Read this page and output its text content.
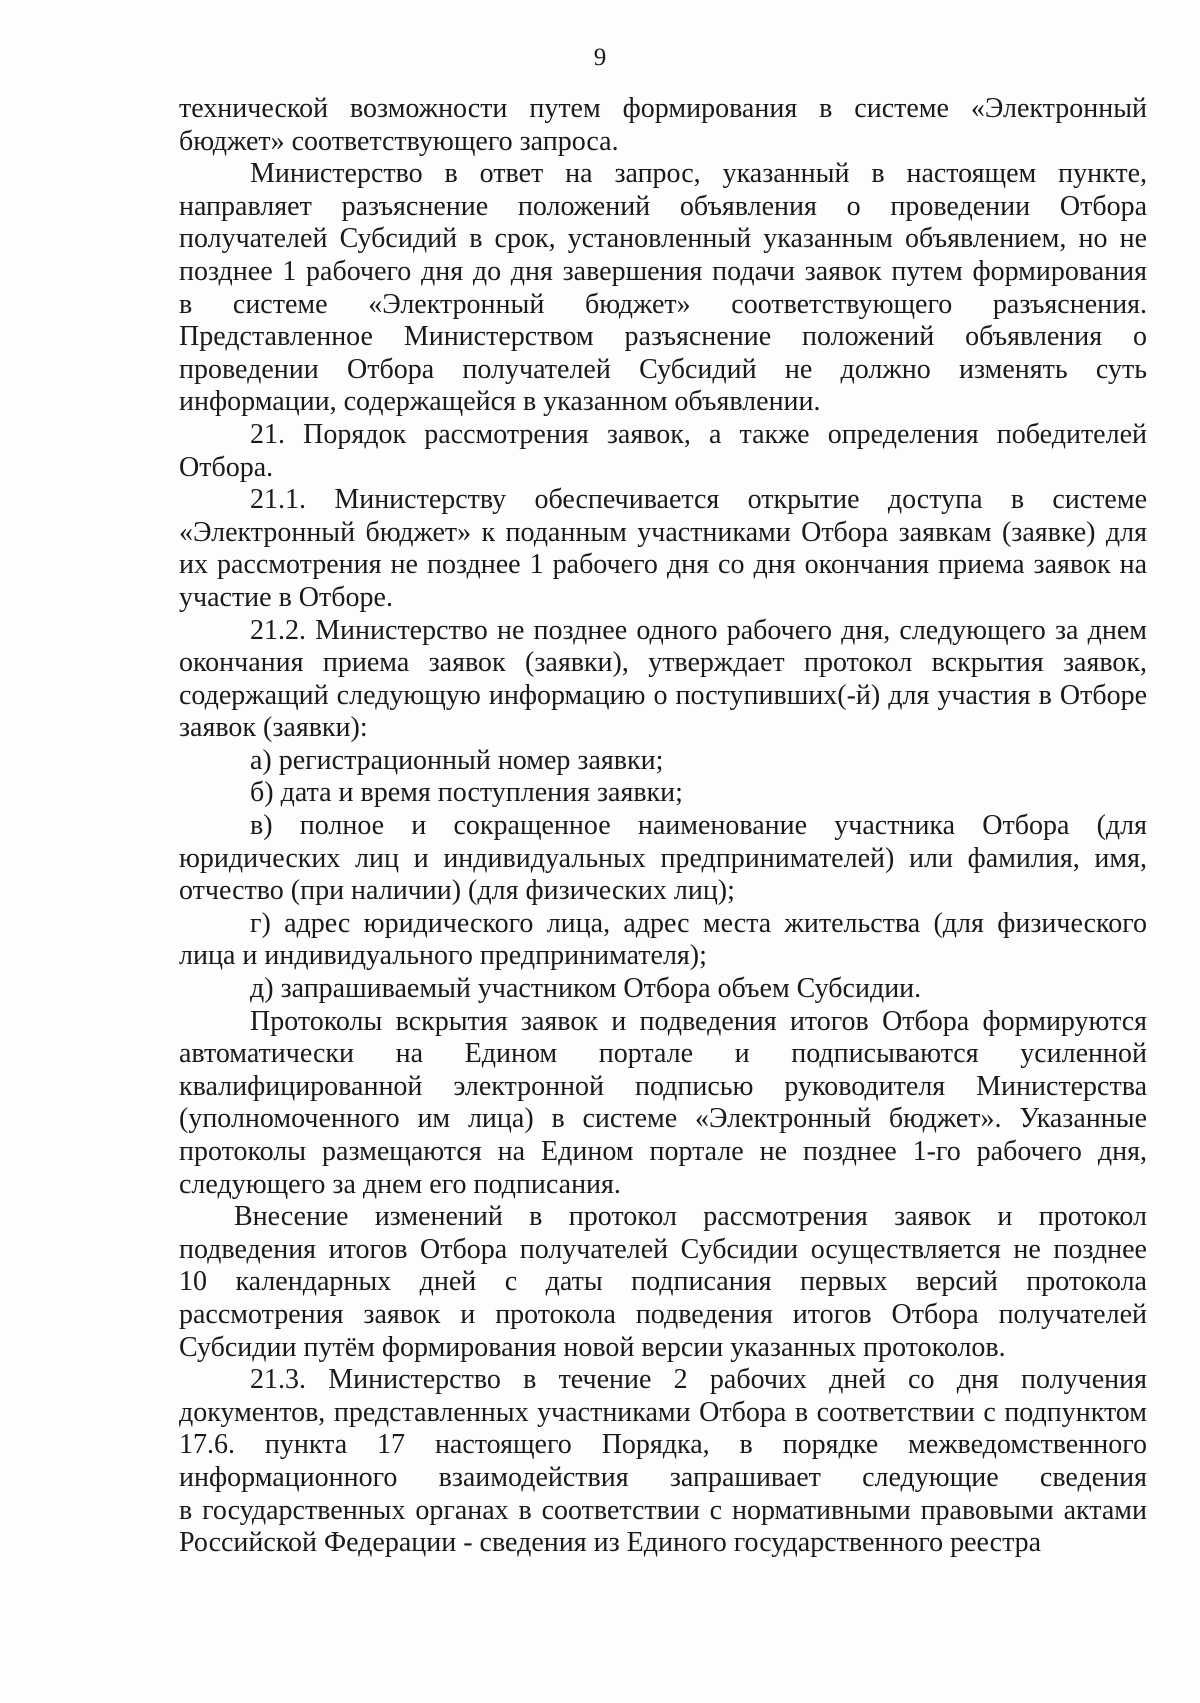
9

технической возможности путем формирования в системе «Электронный
бюджет» соответствующего запроса.

Министерство в ответ на запрос, указанный в настоящем пункте,
направляет разъяснение положений объявления о проведении Отбора
получателей Субсидий в срок, установленный указанным объявлением, но не
позднее 1 рабочего дня до дня завершения подачи заявок путем формирования
в системе «Электронный бюджет» соответствующего разъяснения.
Представленное Министерством разъяснение положений объявления о
проведении Отбора получателей Субсидий не должно изменять суть
информации, содержащейся в указанном объявлении.

21. Порядок рассмотрения заявок, а также определения победителей
Отбора.

21.1. Министерству обеспечивается открытие доступа в системе
«Электронный бюджет» к поданным участниками Отбора заявкам (заявке) для
их рассмотрения не позднее 1 рабочего дня со дня окончания приема заявок на
участие в Отборе.

21.2. Министерство не позднее одного рабочего дня, следующего за днем
окончания приема заявок (заявки), утверждает протокол вскрытия заявок,
содержащий следующую информацию о поступивших(-й) для участия в Отборе
заявок (заявки):

а) регистрационный номер заявки;

б) дата и время поступления заявки;

в) полное и сокращенное наименование участника Отбора (для
юридических лиц и индивидуальных предпринимателей) или фамилия, имя,
отчество (при наличии) (для физических лиц);

г) адрес юридического лица, адрес места жительства (для физического
лица и индивидуального предпринимателя);

д) запрашиваемый участником Отбора объем Субсидии.

Протоколы вскрытия заявок и подведения итогов Отбора формируются
автоматически на Едином портале и подписываются усиленной
квалифицированной электронной подписью руководителя Министерства
(уполномоченного им лица) в системе «Электронный бюджет». Указанные
протоколы размещаются на Едином портале не позднее 1-го рабочего дня,
следующего за днем его подписания.

Внесение изменений в протокол рассмотрения заявок и протокол
подведения итогов Отбора получателей Субсидии осуществляется не позднее
10 календарных дней с даты подписания первых версий протокола
рассмотрения заявок и протокола подведения итогов Отбора получателей
Субсидии путём формирования новой версии указанных протоколов.

21.3. Министерство в течение 2 рабочих дней со дня получения
документов, представленных участниками Отбора в соответствии с подпунктом
17.6. пункта 17 настоящего Порядка, в порядке межведомственного
информационного взаимодействия запрашивает следующие сведения
в государственных органах в соответствии с нормативными правовыми актами
Российской Федерации - сведения из Единого государственного реестра
